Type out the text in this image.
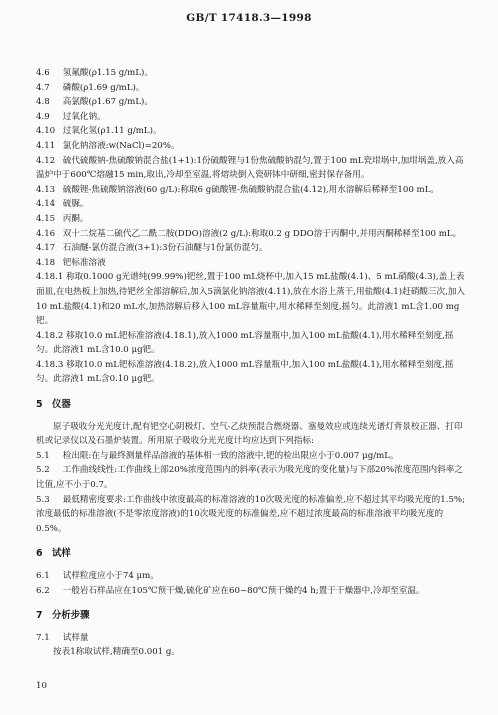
GB/T 17418.3—1998

4.6 氢氟酸(ρ1.15 g/mL)。

4.7 磷酸(ρ1.69 g/mL)。

4.8 高氯酸(ρ1.67 g/mL)。

4.9 过氧化钠。

4.10 过氧化氢(ρ1.11 g/mL)。

4.11 氯化钠溶液:w(NaCl)=20%。

4.12 硫代硫酸钠-焦硫酸钠混合盐(1+1):1份硫酸锂与1份焦硫酸钠混匀,置于100 mL瓷坩埚中,加坩埚盖,放入高温炉中于600℃熔融15 min,取出,冷却至室温,将熔块倒入瓷研钵中研细,密封保存备用。

4.13 硫酸锂-焦硫酸钠溶液(60 g/L):称取6 g硫酸锂-焦硫酸钠混合盐(4.12),用水溶解后稀释至100 mL。

4.14 硫脲。

4.15 丙酮。

4.16 双十二烷基二硫代乙二酰二胺(DDO)溶液(2 g/L):称取0.2 g DDO溶于丙酮中,并用丙酮稀释至100 mL。

4.17 石油醚-氯仿混合液(3+1):3份石油醚与1份氯仿混匀。

4.18 钯标准溶液

4.18.1 称取0.1000 g光谱纯(99.99%)钯丝,置于100 mL烧杯中,加入15 mL盐酸(4.1)、5 mL硝酸(4.3),盖上表面皿,在电热板上加热,待钯丝全部溶解后,加入5滴氯化钠溶液(4.11),放在水浴上蒸干,用盐酸(4.1)赶硝酸三次,加入10 mL盐酸(4.1)和20 mL水,加热溶解后移入100 mL容量瓶中,用水稀释至刻度,摇匀。此溶液1 mL含1.00 mg钯。

4.18.2 移取10.0 mL钯标准溶液(4.18.1),放入1000 mL容量瓶中,加入100 mL盐酸(4.1),用水稀释至刻度,摇匀。此溶液1 mL含10.0 μg钯。

4.18.3 移取10.0 mL钯标准溶液(4.18.2),放入1000 mL容量瓶中,加入100 mL盐酸(4.1),用水稀释至刻度,摇匀。此溶液1 mL含0.10 μg钯。

5 仪器

原子吸收分光光度计,配有钯空心阴极灯、空气-乙炔预混合燃烧器、塞曼效应或连续光谱灯背景校正器、打印机或记录仪以及石墨炉装置。所用原子吸收分光光度计均应达到下列指标:

5.1 检出限:在与最终测量样品溶液的基体相一致的溶液中,钯的检出限应小于0.007 μg/mL。

5.2 工作曲线线性:工作曲线上部20%浓度范围内的斜率(表示为吸光度的变化量)与下部20%浓度范围内斜率之比值,应不小于0.7。

5.3 最低精密度要求:工作曲线中浓度最高的标准溶液的10次吸光度的标准偏差,应不超过其平均吸光度的1.5%;浓度最低的标准溶液(不是零浓度溶液)的10次吸光度的标准偏差,应不超过浓度最高的标准溶液平均吸光度的0.5%。

6 试样

6.1 试样粒度应小于74 μm。

6.2 一般岩石样品应在105℃预干燥,硫化矿应在60~80℃预干燥约4 h;置于干燥器中,冷却至室温。

7 分析步骤

7.1 试样量

按表1称取试样,精确至0.001 g。

10
